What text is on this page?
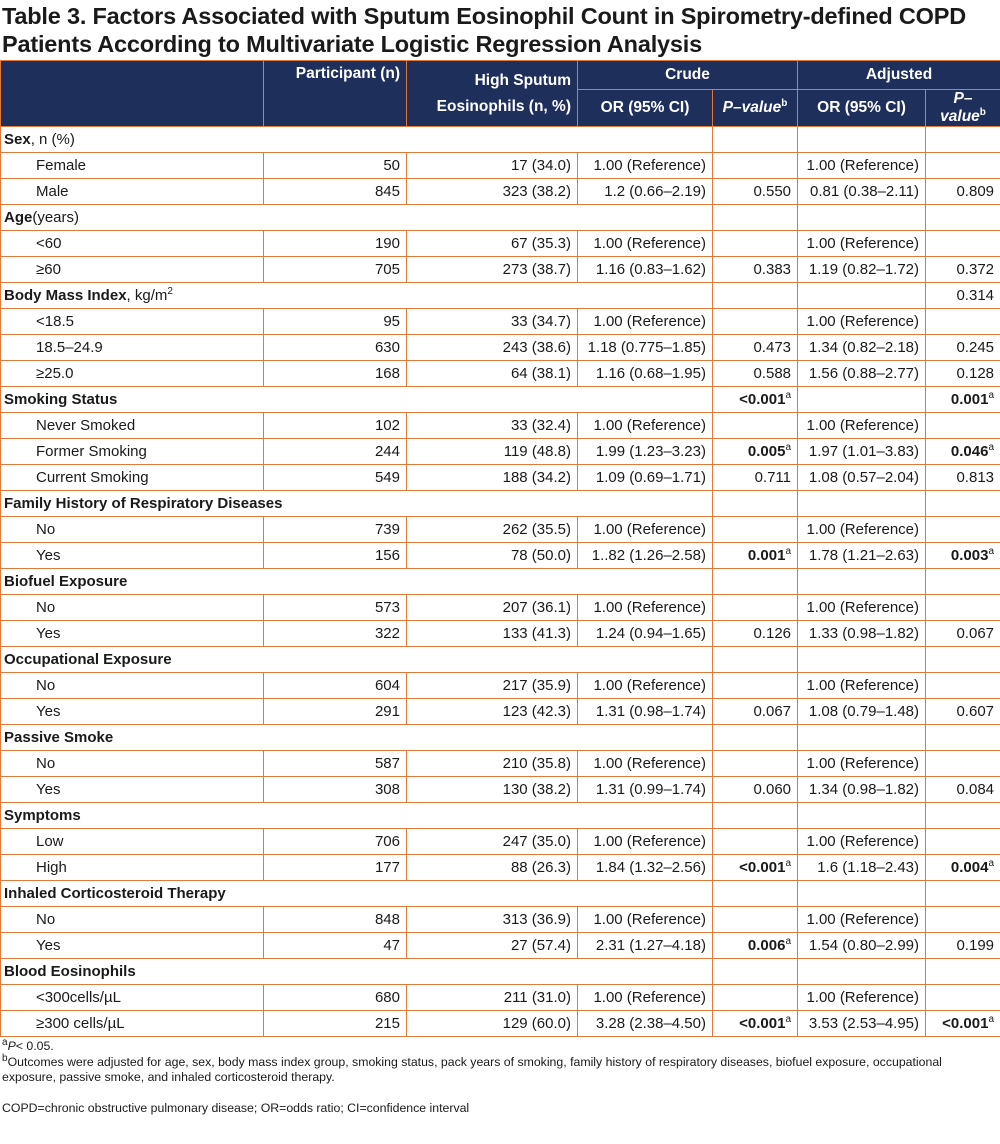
Table 3. Factors Associated with Sputum Eosinophil Count in Spirometry-defined COPD
Patients According to Multivariate Logistic Regression Analysis
	Participant (n)	High Sputum Eosinophils (n, %)	Crude		Adjusted	
			OR (95% CI)	P–value$^b$	OR (95% CI)	P–value$^b$
Sex, n (%)						
Female	50	17 (34.0)	1.00 (Reference)		1.00 (Reference)	
Male	845	323 (38.2)	1.2 (0.66–2.19)	0.550	0.81 (0.38–2.11)	0.809
Age(years)						
<60	190	67 (35.3)	1.00 (Reference)		1.00 (Reference)	
≥60	705	273 (38.7)	1.16 (0.83–1.62)	0.383	1.19 (0.82–1.72)	0.372
Body Mass Index, $kg/m^2$						0.314
<18.5	95	33 (34.7)	1.00 (Reference)		1.00 (Reference)	
18.5–24.9	630	243 (38.6)	1.18 (0.775–1.85)	0.473	1.34 (0.82–2.18)	0.245
≥25.0	168	64 (38.1)	1.16 (0.68–1.95)	0.588	1.56 (0.88–2.77)	0.128
Smoking Status				<0.001$^a$		0.001$^a$
Never Smoked	102	33 (32.4)	1.00 (Reference)		1.00 (Reference)	
Former Smoking	244	119 (48.8)	1.99 (1.23–3.23)	0.005$^a$	1.97 (1.01–3.83)	0.046$^a$
Current Smoking	549	188 (34.2)	1.09 (0.69–1.71)	0.711	1.08 (0.57–2.04)	0.813
Family History of Respiratory Diseases						
No	739	262 (35.5)	1.00 (Reference)		1.00 (Reference)	
Yes	156	78 (50.0)	1..82 (1.26–2.58)	0.001$^a$	1.78 (1.21–2.63)	0.003$^a$
Biofuel Exposure						
No	573	207 (36.1)	1.00 (Reference)		1.00 (Reference)	
Yes	322	133 (41.3)	1.24 (0.94–1.65)	0.126	1.33 (0.98–1.82)	0.067
Occupational Exposure						
No	604	217 (35.9)	1.00 (Reference)		1.00 (Reference)	
Yes	291	123 (42.3)	1.31 (0.98–1.74)	0.067	1.08 (0.79–1.48)	0.607
Passive Smoke						
No	587	210 (35.8)	1.00 (Reference)		1.00 (Reference)	
Yes	308	130 (38.2)	1.31 (0.99–1.74)	0.060	1.34 (0.98–1.82)	0.084
Symptoms						
Low	706	247 (35.0)	1.00 (Reference)		1.00 (Reference)	
High	177	88 (26.3)	1.84 (1.32–2.56)	<0.001$^a$	1.6 (1.18–2.43)	0.004$^a$
Inhaled Corticosteroid Therapy						
No	848	313 (36.9)	1.00 (Reference)		1.00 (Reference)	
Yes	47	27 (57.4)	2.31 (1.27–4.18)	0.006$^a$	1.54 (0.80–2.99)	0.199
Blood Eosinophils						
<300cells/µL	680	211 (31.0)	1.00 (Reference)		1.00 (Reference)	
≥300 cells/µL	215	129 (60.0)	3.28 (2.38–4.50)	<0.001$^a$	3.53 (2.53–4.95)	<0.001$^a$

$^a$P< 0.05.

$^b$Outcomes were adjusted for age, sex, body mass index group, smoking status, pack years of smoking, family history of respiratory diseases, biofuel exposure, occupational exposure, passive smoke, and inhaled corticosteroid therapy.

COPD=chronic obstructive pulmonary disease; OR=odds ratio; CI=confidence interval
